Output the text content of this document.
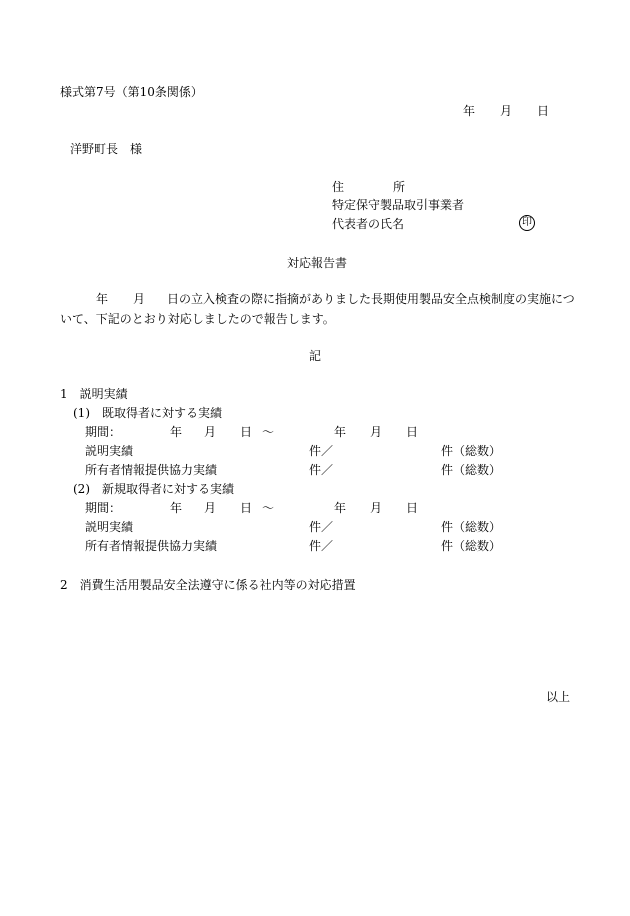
様式第7号（第10条関係）
年 月 日
洋野町長　様
住	所
特定保守製品取引事業者
代表者の氏名	印
対応報告書
年 月 日の立入検査の際に指摘がありました長期使用製品安全点検制度の実施につ
いて、下記のとおり対応しましたので報告します。
記
1　説明実績
(1)　既取得者に対する実績
期間：	年 月 日 〜	年 月 日
説明実績	件／	件（総数）
所有者情報提供協力実績	件／	件（総数）
(2)　新規取得者に対する実績
期間：	年 月 日 〜	年 月 日
説明実績	件／	件（総数）
所有者情報提供協力実績	件／	件（総数）
2　消費生活用製品安全法遵守に係る社内等の対応措置
以上
